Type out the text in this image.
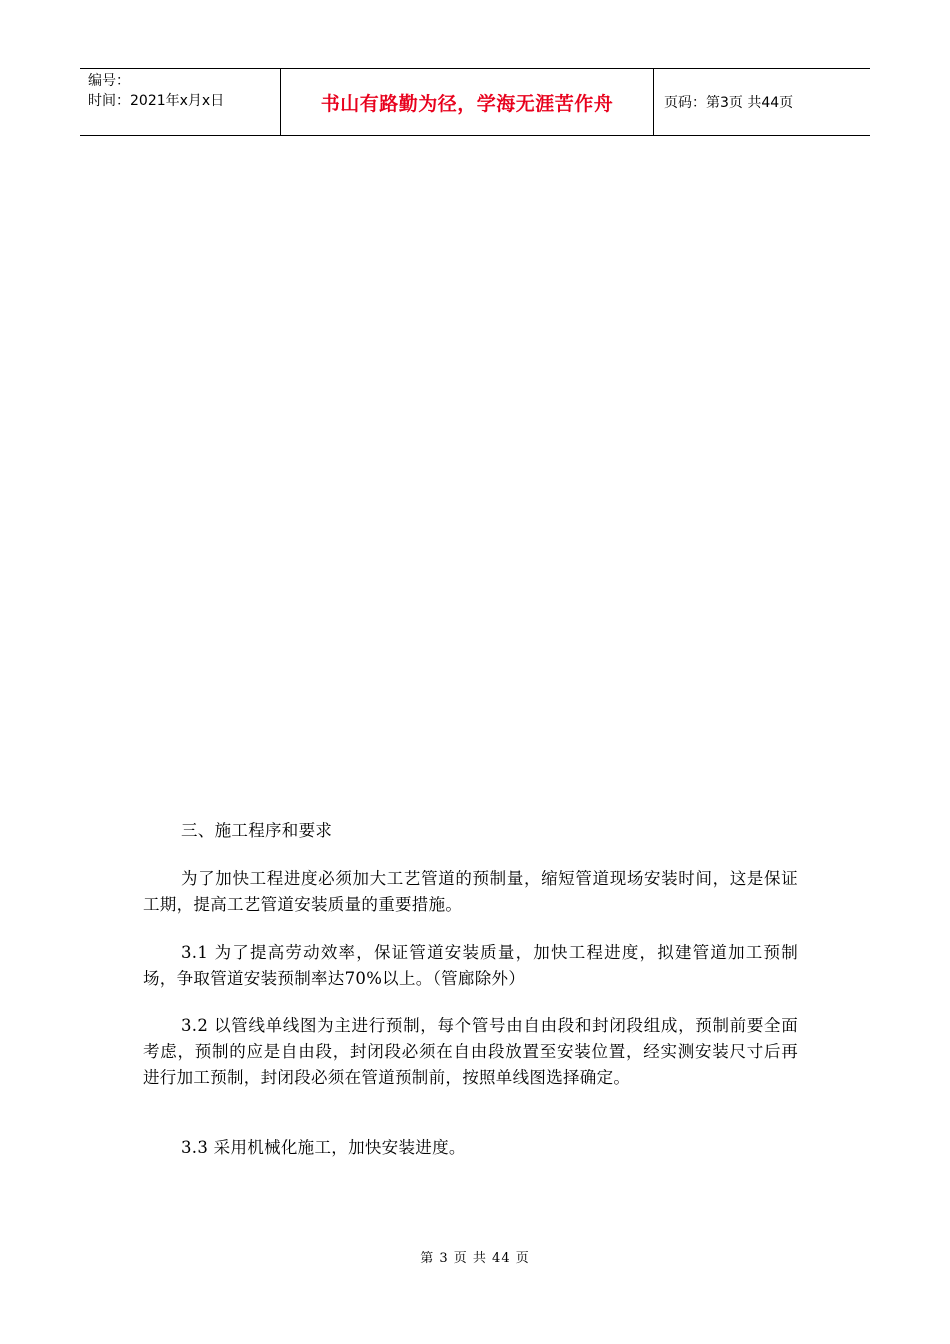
编号：
时间：2021年x月x日	书山有路勤为径，学海无涯苦作舟	页码：第3页 共44页

三、施工程序和要求

为了加快工程进度必须加大工艺管道的预制量，缩短管道现场安装时间，这是保证工期，提高工艺管道安装质量的重要措施。

3.1 为了提高劳动效率，保证管道安装质量，加快工程进度，拟建管道加工预制场，争取管道安装预制率达70%以上。（管廊除外）

3.2 以管线单线图为主进行预制，每个管号由自由段和封闭段组成，预制前要全面考虑，预制的应是自由段，封闭段必须在自由段放置至安装位置，经实测安装尺寸后再进行加工预制，封闭段必须在管道预制前，按照单线图选择确定。

3.3 采用机械化施工，加快安装进度。

第 3 页 共 44 页
